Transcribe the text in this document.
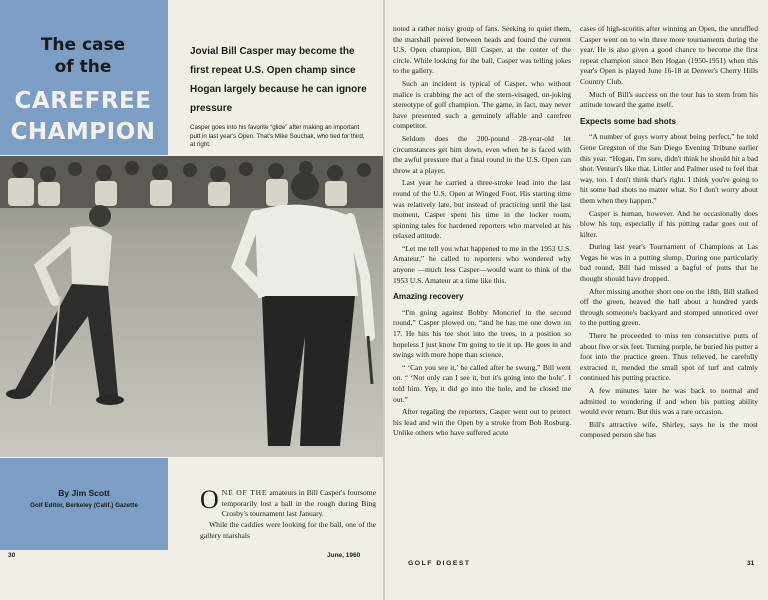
The case
of the
CAREFREE
CHAMPION
Jovial Bill Casper may become the first repeat U.S. Open champ since Hogan largely because he can ignore pressure
Casper goes into his favorite “glide” after making an important putt in last year's Open. That's Mike Souchak, who tied for third, at right.
By Jim Scott
Golf Editor, Berkeley (Calif.) Gazette	ONE OF THE amateurs in Bill Casper's foursome temporarily lost a ball in the rough during Bing Crosby's tournament last January.

While the caddies were looking for the ball, one of the gallery marshals

30	June, 1960

noted a rather noisy group of fans. Seeking to quiet them, the marshall peered between heads and found the current U.S. Open champion, Bill Casper, at the center of the circle. While looking for the ball, Casper was telling jokes to the gallery.

Such an incident is typical of Casper, who without malice is crabbing the act of the stern-visaged, un-joking stereotype of golf champion. The game, in fact, may never have presented such a genuinely affable and carefree competitor.

Seldom does the 200-pound 28-year-old let circumstances get him down, even when he is faced with the awful pressure that a final round in the U.S. Open can throw at a player.

Last year he carried a three-stroke lead into the last round of the U.S. Open at Winged Foot. His starting time was relatively late, but instead of practicing until the last moment, Casper spent his time in the locker room, spinning tales for hardened reporters who marveled at his relaxed attitude.

“Let me tell you what happened to me in the 1953 U.S. Amateur,” he called to reporters who wondered why anyone —much less Casper—would want to think of the 1953 U.S. Amateur at a time like this.

Amazing recovery

“I'm going against Bobby Moncrief in the second round,” Casper plowed on, “and he has me one down on 17. He hits his tee shot into the trees, in a position so hopeless I just know I'm going to tie it up. He goes in and swings with more hope than science.

“ ‘Can you see it,’ he called after he swung,” Bill went on. “ ‘Not only can I see it, but it's going into the hole’. I told him. Yep, it did go into the hole, and he closed me out.”

After regaling the reporters, Casper went out to protect his lead and win the Open by a stroke from Bob Rosburg. Unlike others who have suffered acute

cases of high-scoritis after winning an Open, the unruffled Casper went on to win three more tournaments during the year. He is also given a good chance to become the first repeat champion since Ben Hogan (1950-1951) when this year's Open is played June 16-18 at Denver's Cherry Hills Country Club.

Much of Bill's success on the tour has to stem from his attitude toward the game itself.

Expects some bad shots

“A number of guys worry about being perfect,” he told Gene Gregston of the San Diego Evening Tribune earlier this year. “Hogan, I'm sure, didn't think he should hit a bad shot. Venturi's like that. Littler and Palmer used to feel that way, too. I don't think that's right. I think you're going to hit some bad shots no matter what. So I don't worry about them when they happen.”

Casper is human, however. And he occasionally does blow his top, especially if his putting radar goes out of kilter.

During last year's Tournament of Champions at Las Vegas he was in a putting slump. During one particularly bad round, Bill had missed a bagful of putts that he thought should have dropped.

After missing another short one on the 18th, Bill stalked off the green, heaved the ball about a hundred yards through someone's backyard and stomped unnoticed over to the putting green.

There he proceeded to miss ten consecutive putts of about five or six feet. Turning purple, he buried his putter a foot into the practice green. Thus relieved, he carefully extracted it, mended the small spot of turf and calmly continued his putting practice.

A few minutes later he was back to normal and admitted to wondering if and when his putting ability would ever return. But this was a rare occasion.

Bill's attractive wife, Shirley, says he is the most composed person she has

GOLF DIGEST	31
